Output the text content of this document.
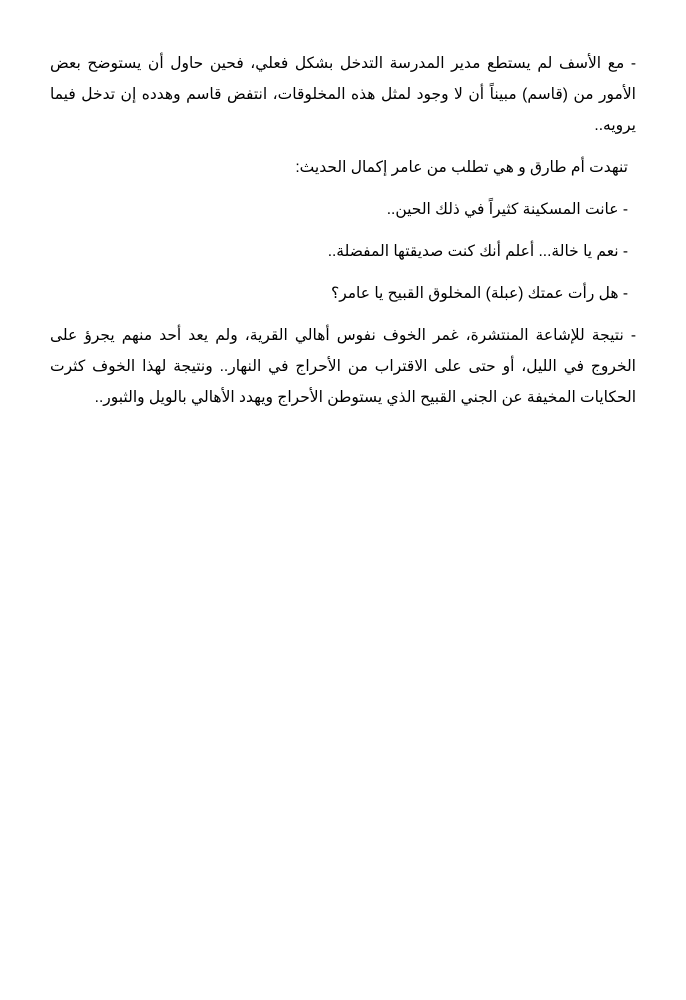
- مع الأسف لم يستطع مدير المدرسة التدخل بشكل فعلي، فحين حاول أن يستوضح بعض الأمور من (قاسم) مبيناً أن لا وجود لمثل هذه المخلوقات، انتفض قاسم وهدده إن تدخل فيما يرويه..

تنهدت أم طارق و هي تطلب من عامر إكمال الحديث:

- عانت المسكينة كثيراً في ذلك الحين..

- نعم يا خالة... أعلم أنك كنت صديقتها المفضلة..

- هل رأت عمتك (عبلة) المخلوق القبيح يا عامر؟

- نتيجة للإشاعة المنتشرة، غمر الخوف نفوس أهالي القرية، ولم يعد أحد منهم يجرؤ على الخروج في الليل، أو حتى على الاقتراب من الأحراج في النهار.. ونتيجة لهذا الخوف كثرت الحكايات المخيفة عن الجني القبيح الذي يستوطن الأحراج ويهدد الأهالي بالويل والثبور..
